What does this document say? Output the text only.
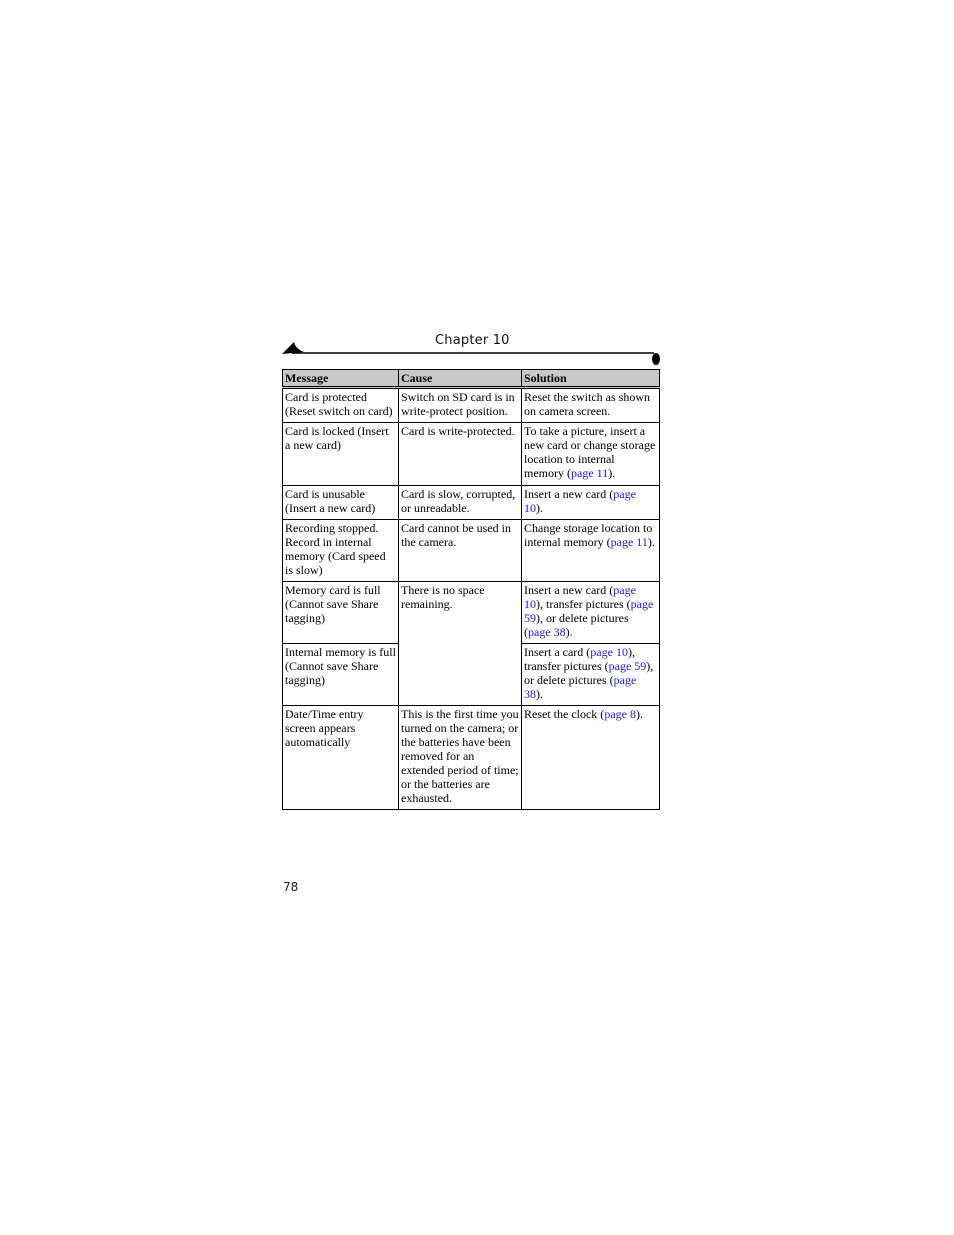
Chapter 10
Message	Cause	Solution
Card is protected (Reset switch on card)	Switch on SD card is in write-protect position.	Reset the switch as shown on camera screen.
Card is locked (Insert a new card)	Card is write-protected.	To take a picture, insert a new card or change storage location to internal memory (page 11).
Card is unusable (Insert a new card)	Card is slow, corrupted, or unreadable.	Insert a new card (page 10).
Recording stopped. Record in internal memory (Card speed is slow)	Card cannot be used in the camera.	Change storage location to internal memory (page 11).
Memory card is full (Cannot save Share tagging)	There is no space remaining.	Insert a new card (page 10), transfer pictures (page 59), or delete pictures (page 38).
Internal memory is full (Cannot save Share tagging)		Insert a card (page 10), transfer pictures (page 59), or delete pictures (page 38).
Date/Time entry screen appears automatically	This is the first time you turned on the camera; or the batteries have been removed for an extended period of time; or the batteries are exhausted.	Reset the clock (page 8).
78
